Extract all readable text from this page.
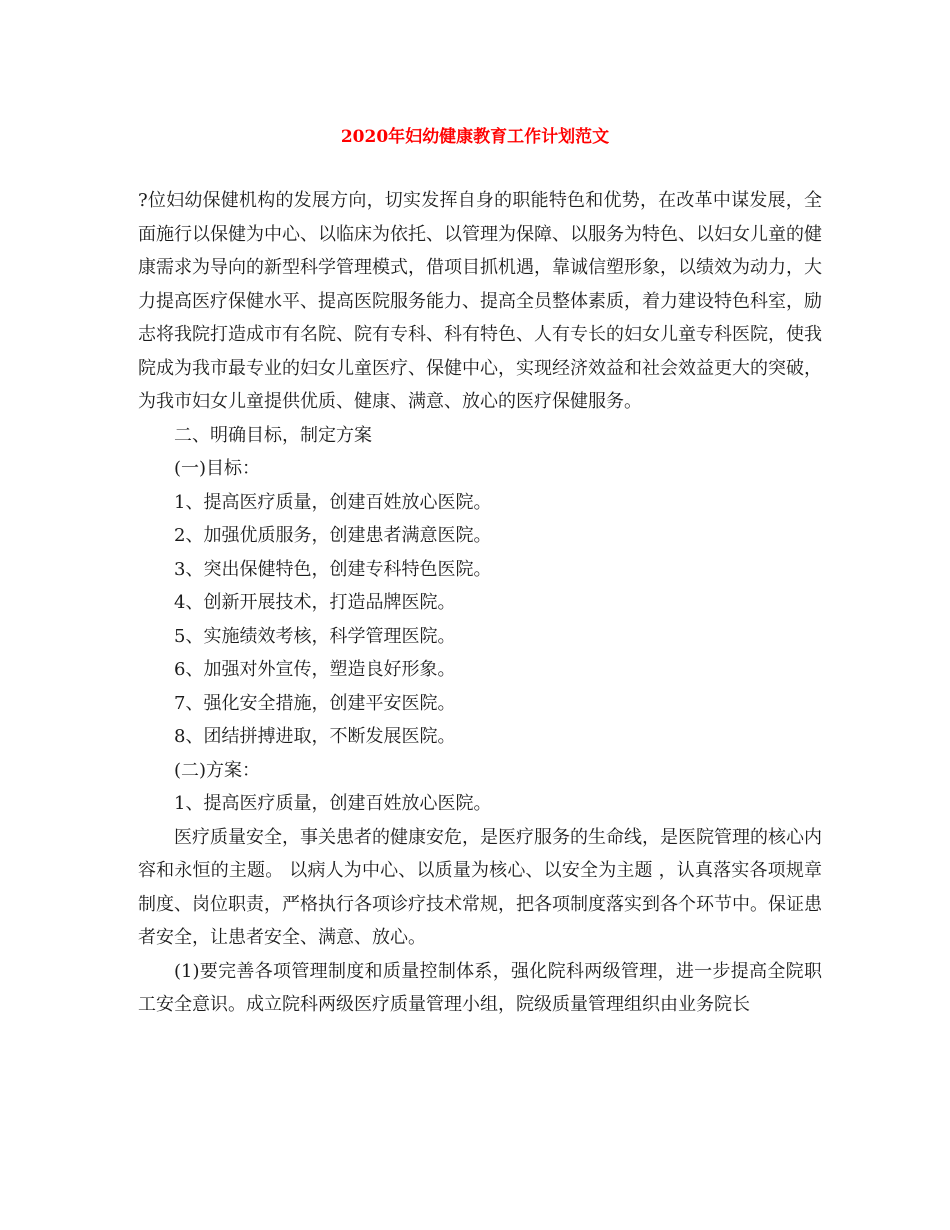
2020年妇幼健康教育工作计划范文

?位妇幼保健机构的发展方向，切实发挥自身的职能特色和优势，在改革中谋发展，全面施行以保健为中心、以临床为依托、以管理为保障、以服务为特色、以妇女儿童的健康需求为导向的新型科学管理模式，借项目抓机遇，靠诚信塑形象，以绩效为动力，大力提高医疗保健水平、提高医院服务能力、提高全员整体素质，着力建设特色科室，励志将我院打造成市有名院、院有专科、科有特色、人有专长的妇女儿童专科医院，使我院成为我市最专业的妇女儿童医疗、保健中心，实现经济效益和社会效益更大的突破，为我市妇女儿童提供优质、健康、满意、放心的医疗保健服务。

二、明确目标，制定方案

(一)目标：

1、提高医疗质量，创建百姓放心医院。

2、加强优质服务，创建患者满意医院。

3、突出保健特色，创建专科特色医院。

4、创新开展技术，打造品牌医院。

5、实施绩效考核，科学管理医院。

6、加强对外宣传，塑造良好形象。

7、强化安全措施，创建平安医院。

8、团结拼搏进取，不断发展医院。

(二)方案：

1、提高医疗质量，创建百姓放心医院。

医疗质量安全，事关患者的健康安危，是医疗服务的生命线，是医院管理的核心内容和永恒的主题。 以病人为中心、以质量为核心、以安全为主题 ，认真落实各项规章制度、岗位职责，严格执行各项诊疗技术常规，把各项制度落实到各个环节中。保证患者安全，让患者安全、满意、放心。

(1)要完善各项管理制度和质量控制体系，强化院科两级管理，进一步提高全院职工安全意识。成立院科两级医疗质量管理小组，院级质量管理组织由业务院长
